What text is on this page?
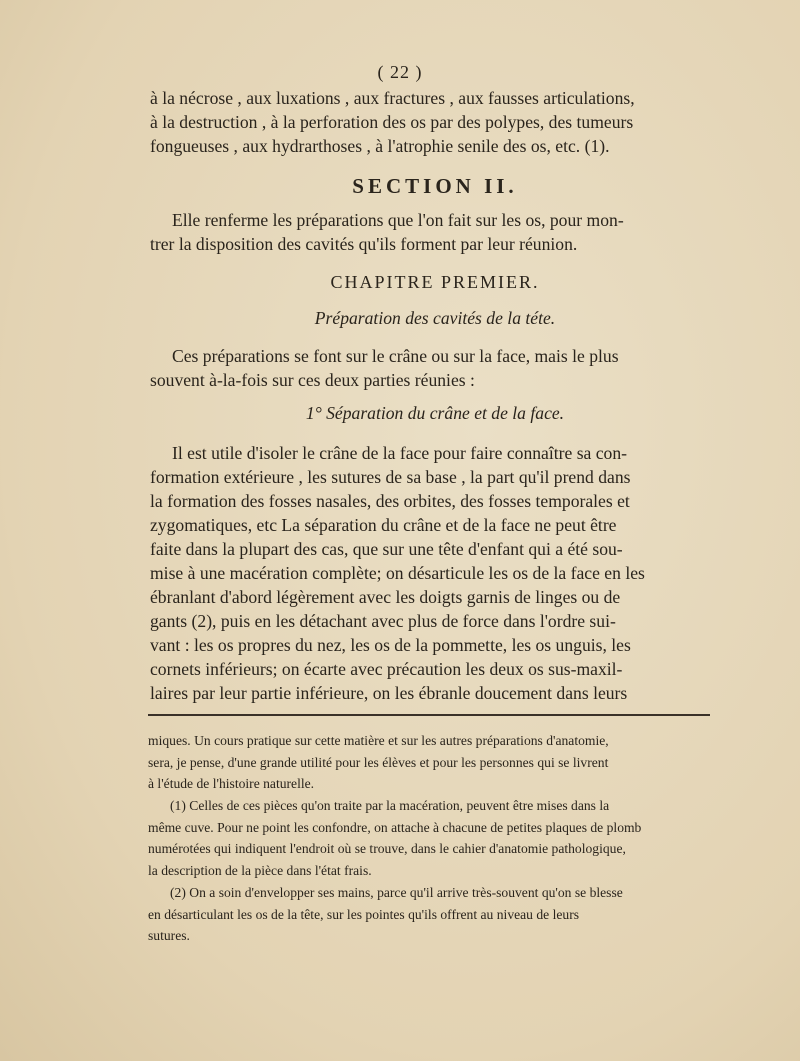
( 22 )

à la nécrose , aux luxations , aux fractures , aux fausses articulations,

à la destruction , à la perforation des os par des polypes, des tumeurs

fongueuses , aux hydrarthoses , à l'atrophie senile des os, etc. (1).

SECTION II.

Elle renferme les préparations que l'on fait sur les os, pour mon-

trer la disposition des cavités qu'ils forment par leur réunion.

CHAPITRE PREMIER.
Préparation des cavités de la téte.

Ces préparations se font sur le crâne ou sur la face, mais le plus

souvent à-la-fois sur ces deux parties réunies :

1° Séparation du crâne et de la face.

Il est utile d'isoler le crâne de la face pour faire connaître sa con-

formation extérieure , les sutures de sa base , la part qu'il prend dans

la formation des fosses nasales, des orbites, des fosses temporales et

zygomatiques, etc La séparation du crâne et de la face ne peut être

faite dans la plupart des cas, que sur une tête d'enfant qui a été sou-

mise à une macération complète; on désarticule les os de la face en les

ébranlant d'abord légèrement avec les doigts garnis de linges ou de

gants (2), puis en les détachant avec plus de force dans l'ordre sui-

vant : les os propres du nez, les os de la pommette, les os unguis, les

cornets inférieurs; on écarte avec précaution les deux os sus-maxil-

laires par leur partie inférieure, on les ébranle doucement dans leurs

miques. Un cours pratique sur cette matière et sur les autres préparations d'anatomie,

sera, je pense, d'une grande utilité pour les élèves et pour les personnes qui se livrent

à l'étude de l'histoire naturelle.

(1) Celles de ces pièces qu'on traite par la macération, peuvent être mises dans la

même cuve. Pour ne point les confondre, on attache à chacune de petites plaques de plomb

numérotées qui indiquent l'endroit où se trouve, dans le cahier d'anatomie pathologique,

la description de la pièce dans l'état frais.

(2) On a soin d'envelopper ses mains, parce qu'il arrive très-souvent qu'on se blesse

en désarticulant les os de la tête, sur les pointes qu'ils offrent au niveau de leurs

sutures.
